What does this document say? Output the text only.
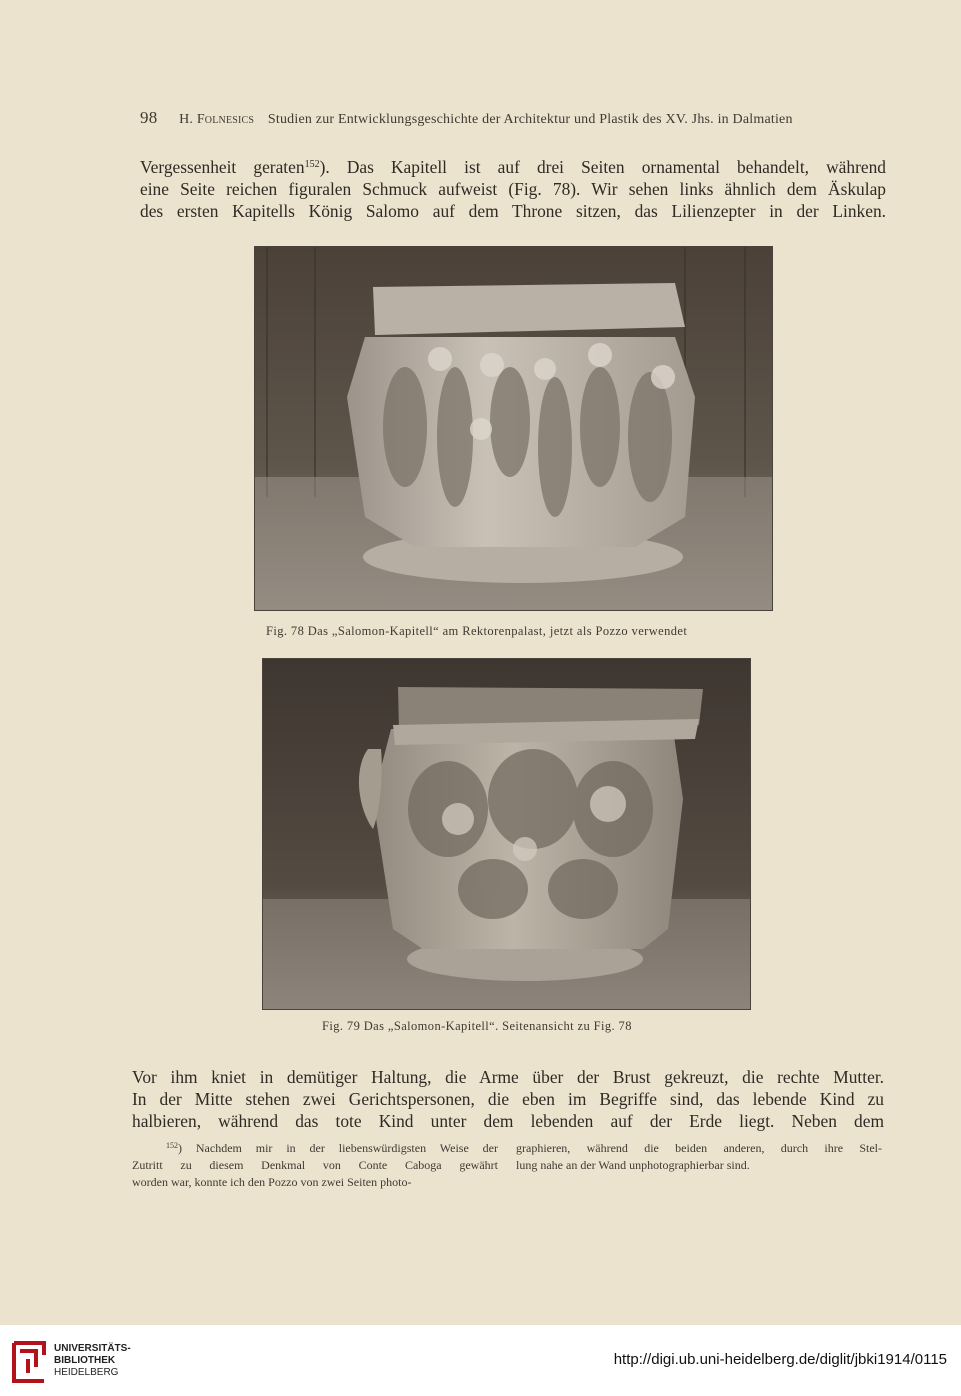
98 H. Folnesics Studien zur Entwicklungsgeschichte der Architektur und Plastik des XV. Jhs. in Dalmatien
Vergessenheit geraten$^{152}$). Das Kapitell ist auf drei Seiten ornamental behandelt, während
eine Seite reichen figuralen Schmuck aufweist (Fig. 78). Wir sehen links ähnlich dem Äskulap
des ersten Kapitells König Salomo auf dem Throne sitzen, das Lilienzepter in der Linken.
Fig. 78 Das „Salomon-Kapitell“ am Rektorenpalast, jetzt als Pozzo verwendet
Fig. 79 Das „Salomon-Kapitell“. Seitenansicht zu Fig. 78
Vor ihm kniet in demütiger Haltung, die Arme über der Brust gekreuzt, die rechte Mutter.
In der Mitte stehen zwei Gerichtspersonen, die eben im Begriffe sind, das lebende Kind zu
halbieren, während das tote Kind unter dem lebenden auf der Erde liegt. Neben dem
$^{152}$) Nachdem mir in der liebenswürdigsten Weise der
Zutritt zu diesem Denkmal von Conte Caboga gewährt
worden war, konnte ich den Pozzo von zwei Seiten photo-
graphieren, während die beiden anderen, durch ihre Stel-
lung nahe an der Wand unphotographierbar sind.
UNIVERSITÄTS-
BIBLIOTHEK
HEIDELBERG
http://digi.ub.uni-heidelberg.de/diglit/jbki1914/0115
